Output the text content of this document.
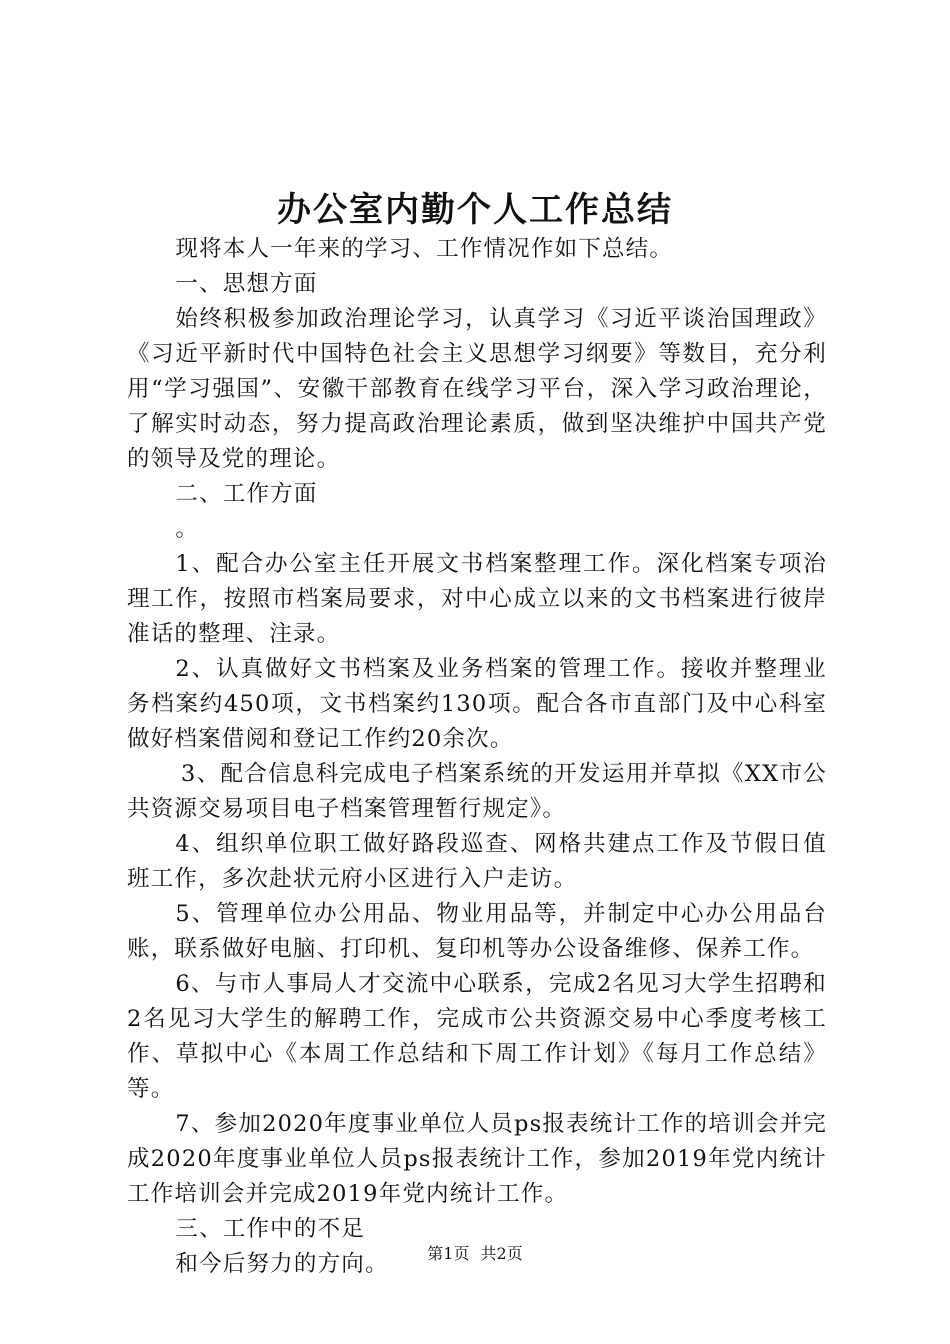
办公室内勤个人工作总结

现将本人一年来的学习、工作情况作如下总结。

一、思想方面

始终积极参加政治理论学习，认真学习《习近平谈治国理政》《习近平新时代中国特色社会主义思想学习纲要》等数目，充分利用“学习强国”、安徽干部教育在线学习平台，深入学习政治理论，了解实时动态，努力提高政治理论素质，做到坚决维护中国共产党的领导及党的理论。

二、工作方面

。

1、配合办公室主任开展文书档案整理工作。深化档案专项治理工作，按照市档案局要求，对中心成立以来的文书档案进行彼岸准话的整理、注录。

2、认真做好文书档案及业务档案的管理工作。接收并整理业务档案约450项，文书档案约130项。配合各市直部门及中心科室做好档案借阅和登记工作约20余次。

3、配合信息科完成电子档案系统的开发运用并草拟《XX市公共资源交易项目电子档案管理暂行规定》。

4、组织单位职工做好路段巡查、网格共建点工作及节假日值班工作，多次赴状元府小区进行入户走访。

5、管理单位办公用品、物业用品等，并制定中心办公用品台账，联系做好电脑、打印机、复印机等办公设备维修、保养工作。

6、与市人事局人才交流中心联系，完成2名见习大学生招聘和2名见习大学生的解聘工作，完成市公共资源交易中心季度考核工作、草拟中心《本周工作总结和下周工作计划》《每月工作总结》等。

7、参加2020年度事业单位人员ps报表统计工作的培训会并完成2020年度事业单位人员ps报表统计工作，参加2019年党内统计工作培训会并完成2019年党内统计工作。

三、工作中的不足

和今后努力的方向。	第1页 共2页
